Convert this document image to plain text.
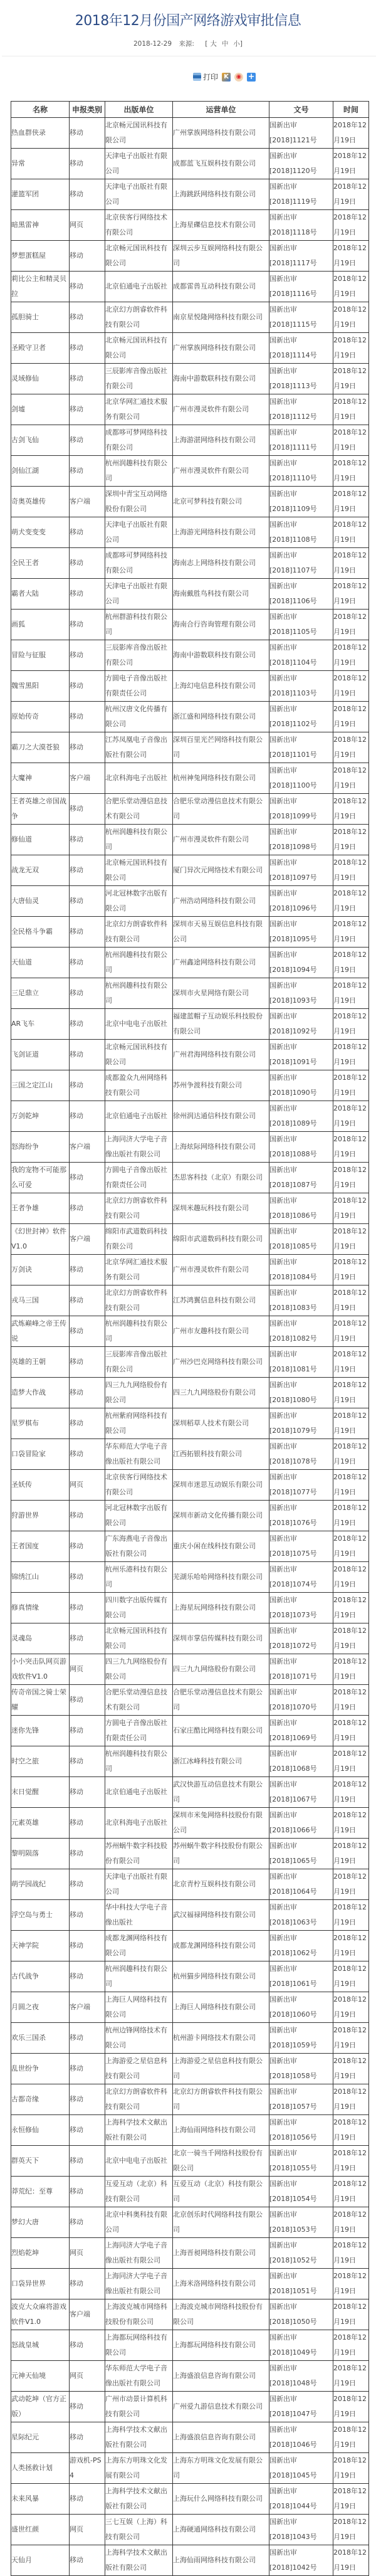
2018年12月份国产网络游戏审批信息
2018-12-29 来源: [ 大 中 小]
打印 K	◉ +
名称	申报类别	出版单位	运营单位	文号	时间
热血群侠录	移动	北京畅元国讯科技有限公司	广州掌族网络科技有限公司	国新出审[2018]1121号	2018年12月19日
异常	移动	天津电子出版社有限公司	成都蓝飞互娱科技有限公司	国新出审[2018]1120号	2018年12月19日
灌篮军团	移动	天津电子出版社有限公司	上海跳跃网络科技有限公司	国新出审[2018]1119号	2018年12月19日
暗黑雷神	网页	北京侠客行网络技术有限公司	上海星礫信息技术有限公司	国新出审[2018]1118号	2018年12月19日
梦想蛋糕屋	移动	北京畅元国讯科技有限公司	深圳云步互娱网络科技有限公司	国新出审[2018]1117号	2018年12月19日
莉比公主和精灵贝拉	移动	北京伯通电子出版社	成都雷兽互动科技有限公司	国新出审[2018]1116号	2018年12月19日
孤胆骑士	移动	北京幻方朗睿软件科技有限公司	南京星悦隆网络科技有限公司	国新出审[2018]1115号	2018年12月19日
圣殿守卫者	移动	北京畅元国讯科技有限公司	广州掌族网络科技有限公司	国新出审[2018]1114号	2018年12月19日
灵域修仙	移动	三辰影库音像出版社有限公司	海南中游数联科技有限公司	国新出审[2018]1113号	2018年12月19日
剑墟	移动	北京华网汇通技术服务有限公司	广州市漫灵软件有限公司	国新出审[2018]1112号	2018年12月19日
古剑飞仙	移动	成都哆可梦网络科技有限公司	上海游湛网络科技有限公司	国新出审[2018]1111号	2018年12月19日
剑仙江湖	移动	杭州润趣科技有限公司	广州市漫灵软件有限公司	国新出审[2018]1110号	2018年12月19日
奇奥英雄传	客户端	深圳中青宝互动网络股份有限公司	北京可梦科技有限公司	国新出审[2018]1109号	2018年12月19日
萌犬变变变	移动	天津电子出版社有限公司	上海游光网络科技有限公司	国新出审[2018]1108号	2018年12月19日
全民王者	移动	成都哆可梦网络科技有限公司	海南志上网络科技有限公司	国新出审[2018]1107号	2018年12月19日
霸者大陆	移动	天津电子出版社有限公司	海南戴胜鸟科技有限公司	国新出审[2018]1106号	2018年12月19日
画狐	移动	杭州群游科技有限公司	海南合行咨询管理有限公司	国新出审[2018]1105号	2018年12月19日
冒险与征服	移动	三辰影库音像出版社有限公司	海南中游数联科技有限公司	国新出审[2018]1104号	2018年12月19日
魏雪黑阳	移动	方圆电子音像出版社有限责任公司	上海幻电信息科技有限公司	国新出审[2018]1103号	2018年12月19日
原始传奇	移动	杭州汉唐文化传播有限公司	浙江盛和网络科技有限公司	国新出审[2018]1102号	2018年12月19日
霸刀之大漠苍狼	移动	江苏凤凰电子音像出版社有限公司	深圳百里光芒网络科技有限公司	国新出审[2018]1101号	2018年12月19日
大魔神	客户端	北京科海电子出版社	杭州神兔网络科技有限公司	国新出审[2018]1100号	2018年12月19日
王者英雄之帝国战争	移动	合肥乐堂动漫信息技术有限公司	合肥乐堂动漫信息技术有限公司	国新出审[2018]1099号	2018年12月19日
修仙道	移动	杭州润趣科技有限公司	广州市漫灵软件有限公司	国新出审[2018]1098号	2018年12月19日
战龙无双	移动	北京畅元国讯科技有限公司	厦门异次元网络技术有限公司	国新出审[2018]1097号	2018年12月19日
大唐仙灵	移动	河北冠林数字出版有限公司	广州浩动网络科技有限公司	国新出审[2018]1096号	2018年12月19日
全民格斗争霸	移动	北京幻方朗睿软件科技有限公司	深圳市天易互娱信息科技有限公司	国新出审[2018]1095号	2018年12月19日
天仙道	移动	杭州润趣科技有限公司	广州鑫途网络科技有限公司	国新出审[2018]1094号	2018年12月19日
三足鼎立	移动	杭州润趣科技有限公司	深圳市火星网络有限公司	国新出审[2018]1093号	2018年12月19日
AR飞车	移动	北京中电电子出版社	福建蓝帽子互动娱乐科技股份有限公司	国新出审[2018]1092号	2018年12月19日
飞剑证道	移动	北京畅元国讯科技有限公司	广州君海网络科技有限公司	国新出审[2018]1091号	2018年12月19日
三国之定江山	移动	成都盈众九州网络科技有限公司	苏州争渡科技有限公司	国新出审[2018]1090号	2018年12月19日
万剑乾坤	移动	北京伯通电子出版社	徐州润达通信科技有限公司	国新出审[2018]1089号	2018年12月19日
怒海纷争	客户端	上海同济大学电子音像出版社有限公司	上海炫际网络科技有限公司	国新出审[2018]1088号	2018年12月19日
我的宠物不可能那么可爱	移动	方圆电子音像出版社有限责任公司	杰思客科技（北京）有限公司	国新出审[2018]1087号	2018年12月19日
王者争雄	移动	北京幻方朗睿软件科技有限公司	深圳米趣玩科技有限公司	国新出审[2018]1086号	2018年12月19日
《幻世封神》软件V1.0	客户端	绵阳市武道数码科技有限公司	绵阳市武道数码科技有限公司	国新出审[2018]1085号	2018年12月19日
万剑诀	移动	北京华网汇通技术服务有限公司	广州市漫灵软件有限公司	国新出审[2018]1084号	2018年12月19日
戎马三国	移动	北京幻方朗睿软件科技有限公司	江苏鸿翼信息科技有限公司	国新出审[2018]1083号	2018年12月19日
武炼巅峰之帝王传说	移动	杭州润趣科技有限公司	广州市友趣科技有限公司	国新出审[2018]1082号	2018年12月19日
英雄的王朝	移动	三辰影库音像出版社有限公司	广州沙巴克网络科技有限公司	国新出审[2018]1081号	2018年12月19日
造梦大作战	移动	四三九九网络股份有限公司	四三九九网络股份有限公司	国新出审[2018]1080号	2018年12月19日
星罗棋布	移动	杭州紫府网络科技有限公司	深圳稻草人技术有限公司	国新出审[2018]1079号	2018年12月19日
口袋冒险家	移动	华东师范大学电子音像出版社有限公司	江西拓银科技有限公司	国新出审[2018]1078号	2018年12月19日
圣妖传	网页	北京侠客行网络技术有限公司	深圳市迷思互动娱乐有限公司	国新出审[2018]1077号	2018年12月19日
狩游世界	移动	河北冠林数字出版有限公司	深圳市新动文化传播有限公司	国新出审[2018]1076号	2018年12月19日
王者国度	移动	广东海燕电子音像出版社有限公司	重庆小闲在线科技有限公司	国新出审[2018]1075号	2018年12月19日
锦绣江山	移动	杭州乐港科技有限公司	芜湖乐哈哈网络科技有限公司	国新出审[2018]1074号	2018年12月19日
修真情缘	移动	四川数字出版传媒有限公司	上海星玩网络科技有限公司	国新出审[2018]1073号	2018年12月19日
灵魂岛	移动	北京畅元国讯科技有限公司	深圳市掌信传媒科技有限公司	国新出审[2018]1072号	2018年12月19日
小小突击队网页游戏软件V1.0	网页	四三九九网络股份有限公司	四三九九网络股份有限公司	国新出审[2018]1071号	2018年12月19日
传奇帝国之骑士荣耀	移动	合肥乐堂动漫信息技术有限公司	合肥乐堂动漫信息技术有限公司	国新出审[2018]1070号	2018年12月19日
迷你先锋	移动	方圆电子音像出版社有限责任公司	石家庄酷比网络科技有限公司	国新出审[2018]1069号	2018年12月19日
时空之旅	移动	杭州润趣科技有限公司	浙江冰峰科技有限公司	国新出审[2018]1068号	2018年12月19日
末日觉醒	移动	北京伯通电子出版社	武汉快游互动信息技术有限公司	国新出审[2018]1067号	2018年12月19日
元素英雄	移动	北京科海电子出版社	深圳市米兔网络科技股份有限公司	国新出审[2018]1066号	2018年12月19日
黎明陨落	移动	苏州蜗牛数字科技股份有限公司	苏州蜗牛数字科技股份有限公司	国新出审[2018]1065号	2018年12月19日
萌学园战纪	移动	天津电子出版社有限公司	北京青柠互娱科技有限公司	国新出审[2018]1064号	2018年12月19日
浮空岛与勇士	移动	华中科技大学电子音像出版社	武汉福禄网络科技有限公司	国新出审[2018]1063号	2018年12月19日
天神学院	移动	成都龙渊网络科技有限公司	成都龙渊网络科技有限公司	国新出审[2018]1062号	2018年12月19日
古代战争	移动	杭州润趣科技有限公司	杭州猫步网络科技有限公司	国新出审[2018]1061号	2018年12月19日
月圆之夜	客户端	上海巨人网络科技有限公司	上海巨人网络科技有限公司	国新出审[2018]1060号	2018年12月19日
欢乐三国杀	移动	杭州边锋网络技术有限公司	杭州游卡网络技术有限公司	国新出审[2018]1059号	2018年12月19日
乱世纷争	移动	上海游爱之星信息科技有限公司	上海游爱之星信息科技有限公司	国新出审[2018]1058号	2018年12月19日
古都奇缘	移动	北京幻方朗睿软件科技有限公司	北京幻方朗睿软件科技有限公司	国新出审[2018]1057号	2018年12月19日
永恒修仙	移动	上海科学技术文献出版社有限公司	上海仙雨网络科技有限公司	国新出审[2018]1056号	2018年12月19日
群英天下	移动	北京中电电子出版社	北京一骑当千网络科技股份有限公司	国新出审[2018]1055号	2018年12月19日
莽荒纪：至尊	移动	互爱互动（北京）科技有限公司	互爱互动（北京）科技有限公司	国新出审[2018]1054号	2018年12月19日
梦幻大唐	移动	北京中科奥科技有限公司	北京创乐时代网络科技有限公司	国新出审[2018]1053号	2018年12月19日
烈焰乾坤	网页	上海同济大学电子音像出版社有限公司	上海晋昶网络科技有限公司	国新出审[2018]1052号	2018年12月19日
口袋异世界	移动	上海同济大学电子音像出版社有限公司	上海米洛网络科技有限公司	国新出审[2018]1051号	2018年12月19日
波克大众麻将游戏软件V1.0	客户端	上海波克城市网络科技股份有限公司	上海波克城市网络科技股份有限公司	国新出审[2018]1050号	2018年12月19日
怒战皇城	移动	上海都玩网络科技有限公司	上海都玩网络科技有限公司	国新出审[2018]1049号	2018年12月19日
元神天仙境	网页	华东师范大学电子音像出版社有限公司	上海盛浪信息咨询有限公司	国新出审[2018]1048号	2018年12月19日
武动乾坤（官方正版）	移动	广州市动景计算机科技有限公司	广州爱九游信息技术有限公司	国新出审[2018]1047号	2018年12月19日
星际纪元	移动	上海科学技术文献出版社有限公司	上海盛浪信息咨询有限公司	国新出审[2018]1046号	2018年12月19日
人类拯救计划	游戏机-PS4	上海东方明珠文化发展有限公司	上海东方明珠文化发展有限公司	国新出审[2018]1045号	2018年12月19日
未来风暴	移动	上海科学技术文献出版社有限公司	上海玩什么网络科技有限公司	国新出审[2018]1044号	2018年12月19日
盛世红颜	网页	三七互娱（上海）科技有限公司	上海硬通网络科技有限公司	国新出审[2018]1043号	2018年12月19日
天仙月	移动	上海科学技术文献出版社有限公司	上海仙雨网络科技有限公司	国新出审[2018]1042号	2018年12月19日
